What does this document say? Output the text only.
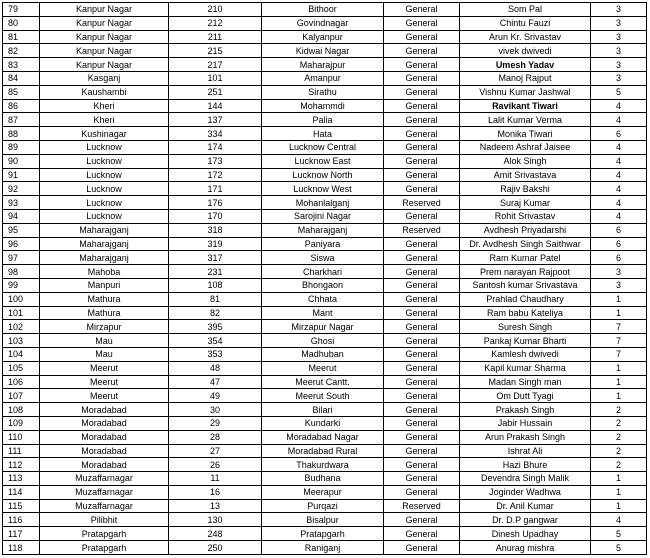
79	Kanpur Nagar	210	Bithoor	General	Som Pal	3
80	Kanpur Nagar	212	Govindnagar	General	Chintu Fauzi	3
81	Kanpur Nagar	211	Kalyanpur	General	Arun Kr. Srivastav	3
82	Kanpur Nagar	215	Kidwai Nagar	General	vivek dwivedi	3
83	Kanpur Nagar	217	Maharajpur	General	Umesh Yadav	3
84	Kasganj	101	Amanpur	General	Manoj Rajput	3
85	Kaushambi	251	Sirathu	General	Vishnu Kumar Jashwal	5
86	Kheri	144	Mohammdi	General	Ravikant Tiwari	4
87	Kheri	137	Palia	General	Lalit Kumar Verma	4
88	Kushinagar	334	Hata	General	Monika Tiwari	6
89	Lucknow	174	Lucknow Central	General	Nadeem Ashraf Jaisee	4
90	Lucknow	173	Lucknow East	General	Alok Singh	4
91	Lucknow	172	Lucknow North	General	Amit Srivastava	4
92	Lucknow	171	Lucknow West	General	Rajiv Bakshi	4
93	Lucknow	176	Mohanlalganj	Reserved	Suraj Kumar	4
94	Lucknow	170	Sarojini Nagar	General	Rohit Srivastav	4
95	Maharajganj	318	Maharajganj	Reserved	Avdhesh Priyadarshi	6
96	Maharajganj	319	Paniyara	General	Dr. Avdhesh Singh Saithwar	6
97	Maharajganj	317	Siswa	General	Ram Kumar Patel	6
98	Mahoba	231	Charkhari	General	Prem narayan Rajpoot	3
99	Manpuri	108	Bhongaon	General	Santosh kumar Srivastava	3
100	Mathura	81	Chhata	General	Prahlad Chaudhary	1
101	Mathura	82	Mant	General	Ram babu Kateliya	1
102	Mirzapur	395	Mirzapur Nagar	General	Suresh Singh	7
103	Mau	354	Ghosi	General	Pankaj Kumar Bharti	7
104	Mau	353	Madhuban	General	Kamlesh dwivedi	7
105	Meerut	48	Meerut	General	Kapil kumar Sharma	1
106	Meerut	47	Meerut Cantt.	General	Madan Singh man	1
107	Meerut	49	Meerut South	General	Om Dutt Tyagi	1
108	Moradabad	30	Bilari	General	Prakash Singh	2
109	Moradabad	29	Kundarki	General	Jabir Hussain	2
110	Moradabad	28	Moradabad Nagar	General	Arun Prakash Singh	2
111	Moradabad	27	Moradabad Rural	General	Ishrat Ali	2
112	Moradabad	26	Thakurdwara	General	Hazi Bhure	2
113	Muzaffarnagar	11	Budhana	General	Devendra Singh Malik	1
114	Muzaffarnagar	16	Meerapur	General	Joginder Wadhwa	1
115	Muzaffarnagar	13	Purqazi	Reserved	Dr. Anil Kumar	1
116	Pilibhit	130	Bisalpur	General	Dr. D.P gangwar	4
117	Pratapgarh	248	Pratapgarh	General	Dinesh Upadhay	5
118	Pratapgarh	250	Raniganj	General	Anurag mishra	5
